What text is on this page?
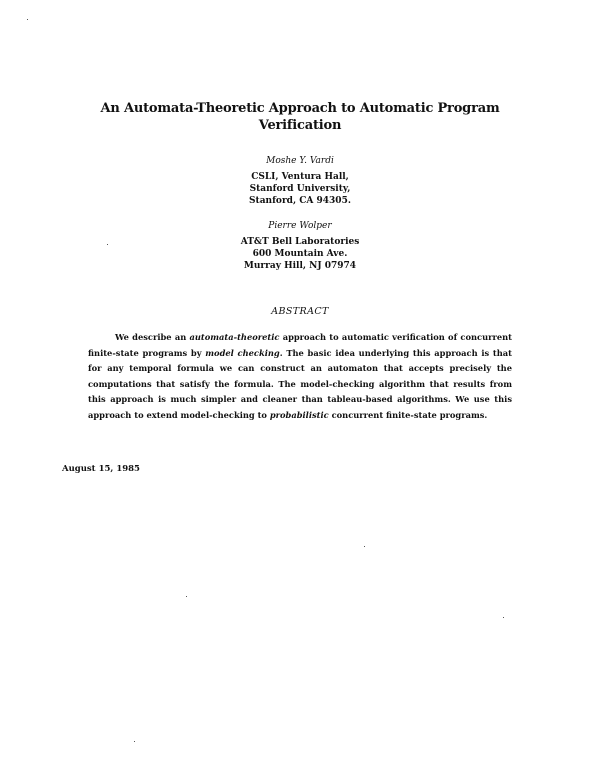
An Automata-Theoretic Approach to Automatic Program Verification
Moshe Y. Vardi
CSLI, Ventura Hall,
Stanford University,
Stanford, CA 94305.
Pierre Wolper
AT&T Bell Laboratories
600 Mountain Ave.
Murray Hill, NJ 07974
ABSTRACT
We describe an automata-theoretic approach to automatic verification of concurrent finite-state programs by model checking. The basic idea underlying this approach is that for any temporal formula we can construct an automaton that accepts precisely the computations that satisfy the formula. The model-checking algorithm that results from this approach is much simpler and cleaner than tableau-based algorithms. We use this approach to extend model-checking to probabilistic concurrent finite-state programs.
August 15, 1985
